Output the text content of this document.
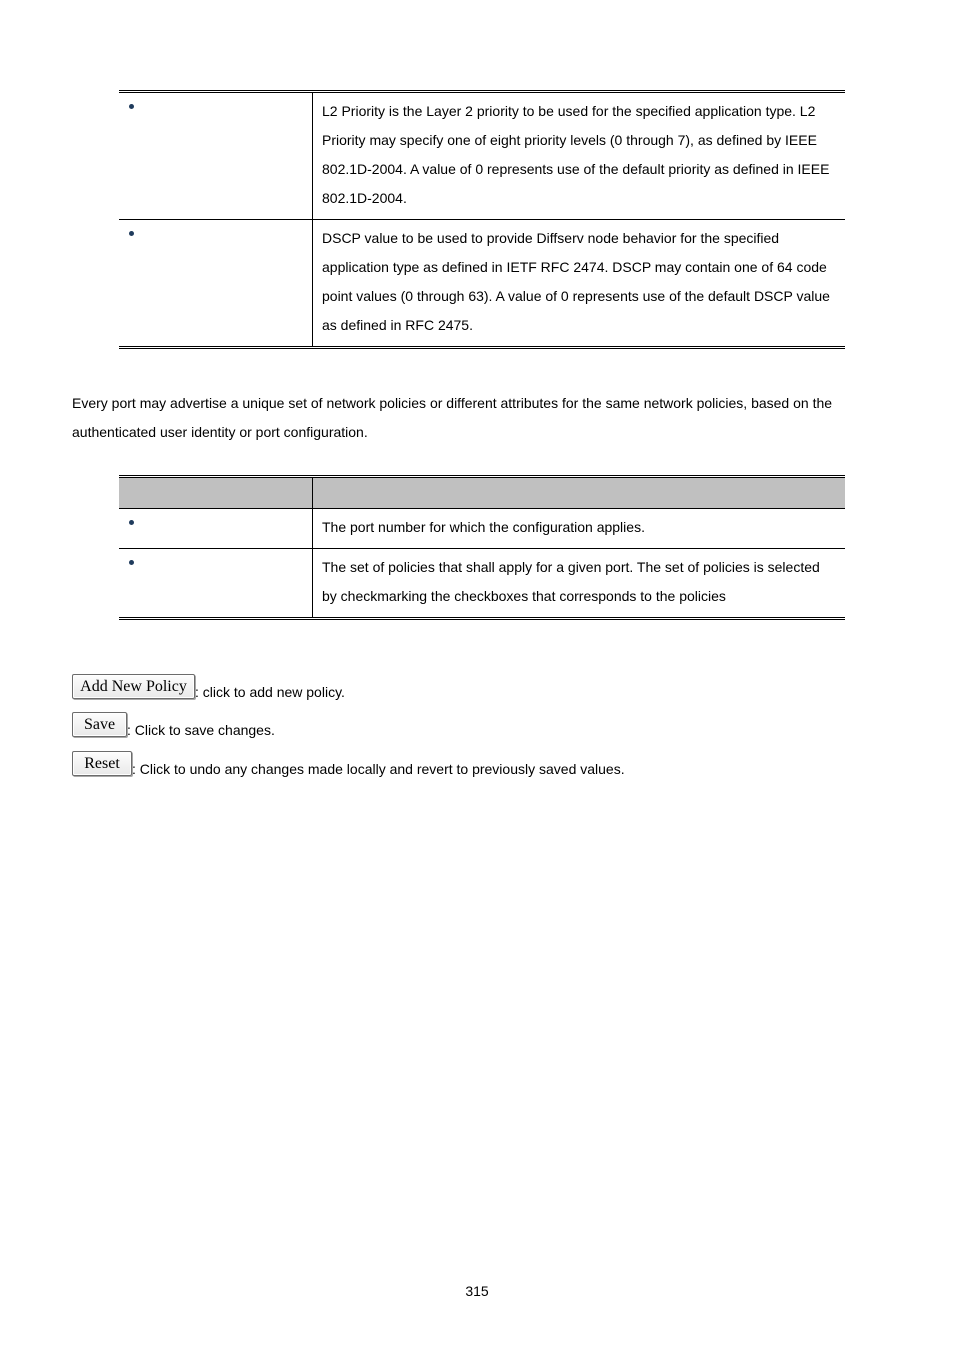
	L2 Priority is the Layer 2 priority to be used for the specified application type. L2 Priority may specify one of eight priority levels (0 through 7), as defined by IEEE 802.1D-2004. A value of 0 represents use of the default priority as defined in IEEE 802.1D-2004.

	DSCP value to be used to provide Diffserv node behavior for the specified application type as defined in IETF RFC 2474. DSCP may contain one of 64 code point values (0 through 63). A value of 0 represents use of the default DSCP value as defined in RFC 2475.
Every port may advertise a unique set of network policies or different attributes for the same network policies, based on the authenticated user identity or port configuration.

	The port number for which the configuration applies.

	The set of policies that shall apply for a given port. The set of policies is selected by checkmarking the checkboxes that corresponds to the policies
Add New Policy : click to add new policy.
Save : Click to save changes.
Reset : Click to undo any changes made locally and revert to previously saved values.
315
